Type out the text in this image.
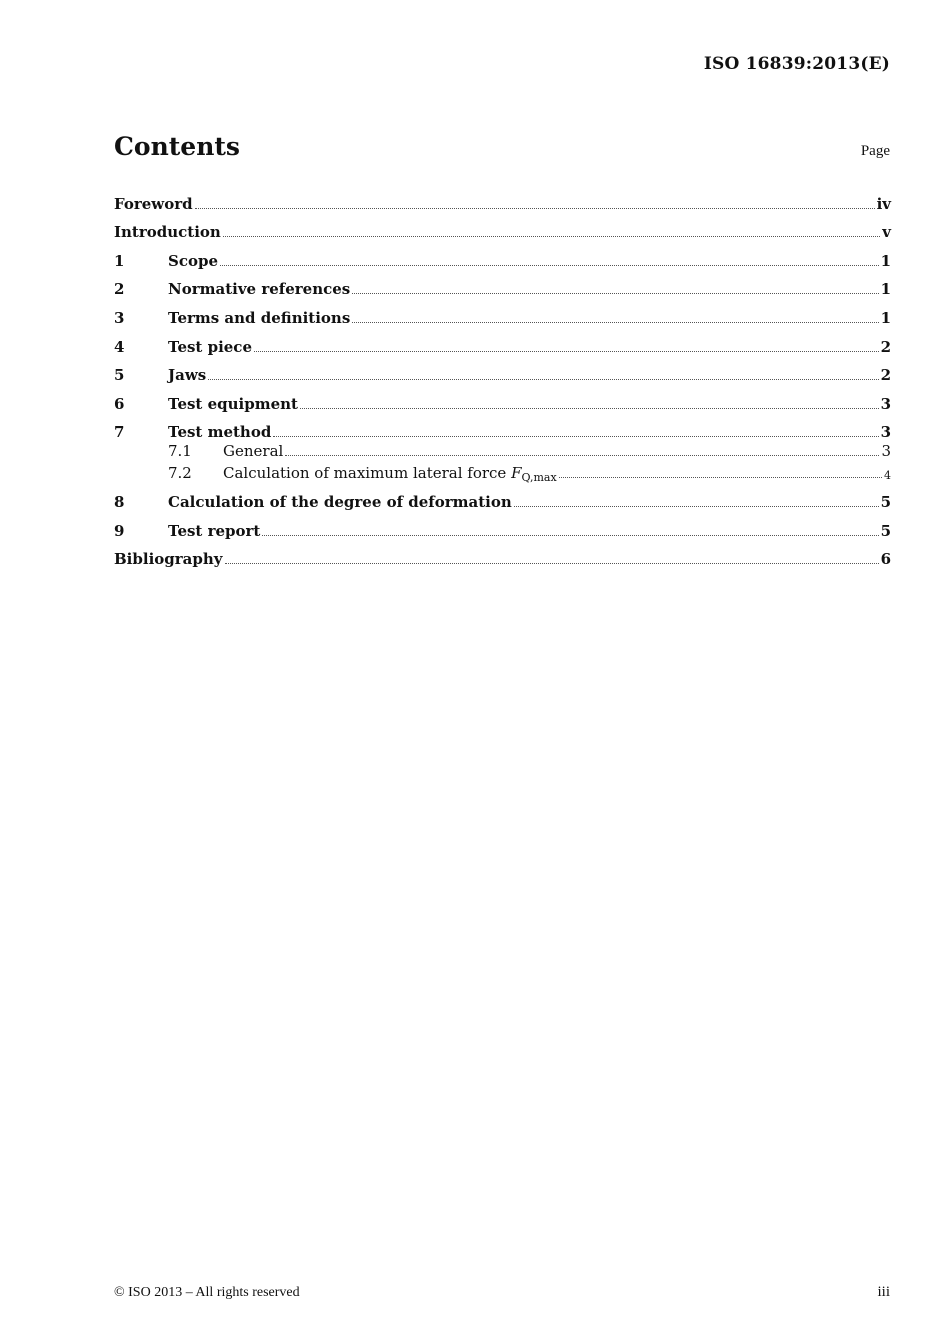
ISO 16839:2013(E)
Contents	Page
Foreword	iv
Introduction	v
1	Scope	1
2	Normative references	1
3	Terms and definitions	1
4	Test piece	2
5	Jaws	2
6	Test equipment	3
7	Test method	3
7.1	General	3
7.2	Calculation of maximum lateral force $F_{Q,max}$	4
8	Calculation of the degree of deformation	5
9	Test report	5
Bibliography	6
© ISO 2013 – All rights reserved	iii
